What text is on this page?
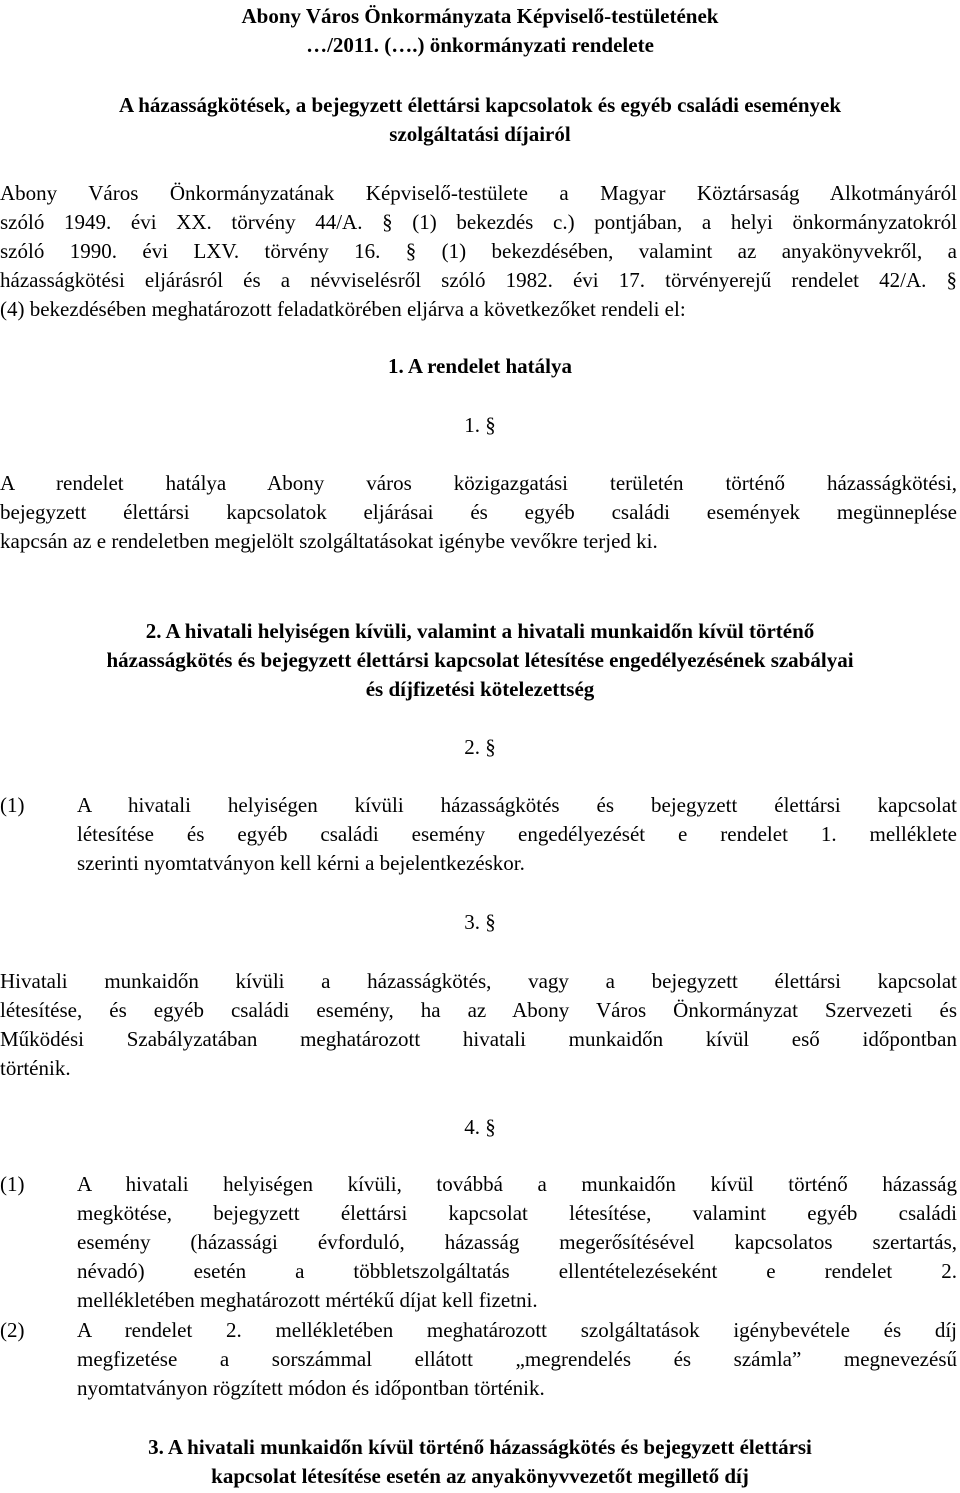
Abony Város Önkormányzata Képviselő-testületének
…/2011. (….) önkormányzati rendelete
A házasságkötések, a bejegyzett élettársi kapcsolatok és egyéb családi események
szolgáltatási díjairól
Abony Város Önkormányzatának Képviselő-testülete a Magyar Köztársaság Alkotmányáról
szóló 1949. évi XX. törvény 44/A. § (1) bekezdés c.) pontjában, a helyi önkormányzatokról
szóló 1990. évi LXV. törvény 16. § (1) bekezdésében, valamint az anyakönyvekről, a
házasságkötési eljárásról és a névviselésről szóló 1982. évi 17. törvényerejű rendelet 42/A. §
(4) bekezdésében meghatározott feladatkörében eljárva a következőket rendeli el:
1. A rendelet hatálya
1. §
A rendelet hatálya Abony város közigazgatási területén történő házasságkötési,
bejegyzett élettársi kapcsolatok eljárásai és egyéb családi események megünneplése
kapcsán az e rendeletben megjelölt szolgáltatásokat igénybe vevőkre terjed ki.
2. A hivatali helyiségen kívüli, valamint a hivatali munkaidőn kívül történő
házasságkötés és bejegyzett élettársi kapcsolat létesítése engedélyezésének szabályai
és díjfizetési kötelezettség
2. §
(1)	A hivatali helyiségen kívüli házasságkötés és bejegyzett élettársi kapcsolat
létesítése és egyéb családi esemény engedélyezését e rendelet 1. melléklete
szerinti nyomtatványon kell kérni a bejelentkezéskor.
3. §
Hivatali munkaidőn kívüli a házasságkötés, vagy a bejegyzett élettársi kapcsolat
létesítése, és egyéb családi esemény, ha az Abony Város Önkormányzat Szervezeti és
Működési Szabályzatában meghatározott hivatali munkaidőn kívül eső időpontban
történik.
4. §
(1)	A hivatali helyiségen kívüli, továbbá a munkaidőn kívül történő házasság
megkötése, bejegyzett élettársi kapcsolat létesítése, valamint egyéb családi
esemény (házassági évforduló, házasság megerősítésével kapcsolatos szertartás,
névadó) esetén a többletszolgáltatás ellentételezéseként e rendelet 2.
mellékletében meghatározott mértékű díjat kell fizetni.
(2)	A rendelet 2. mellékletében meghatározott szolgáltatások igénybevétele és díj
megfizetése a sorszámmal ellátott „megrendelés és számla” megnevezésű
nyomtatványon rögzített módon és időpontban történik.
3. A hivatali munkaidőn kívül történő házasságkötés és bejegyzett élettársi
kapcsolat létesítése esetén az anyakönyvvezetőt megillető díj
